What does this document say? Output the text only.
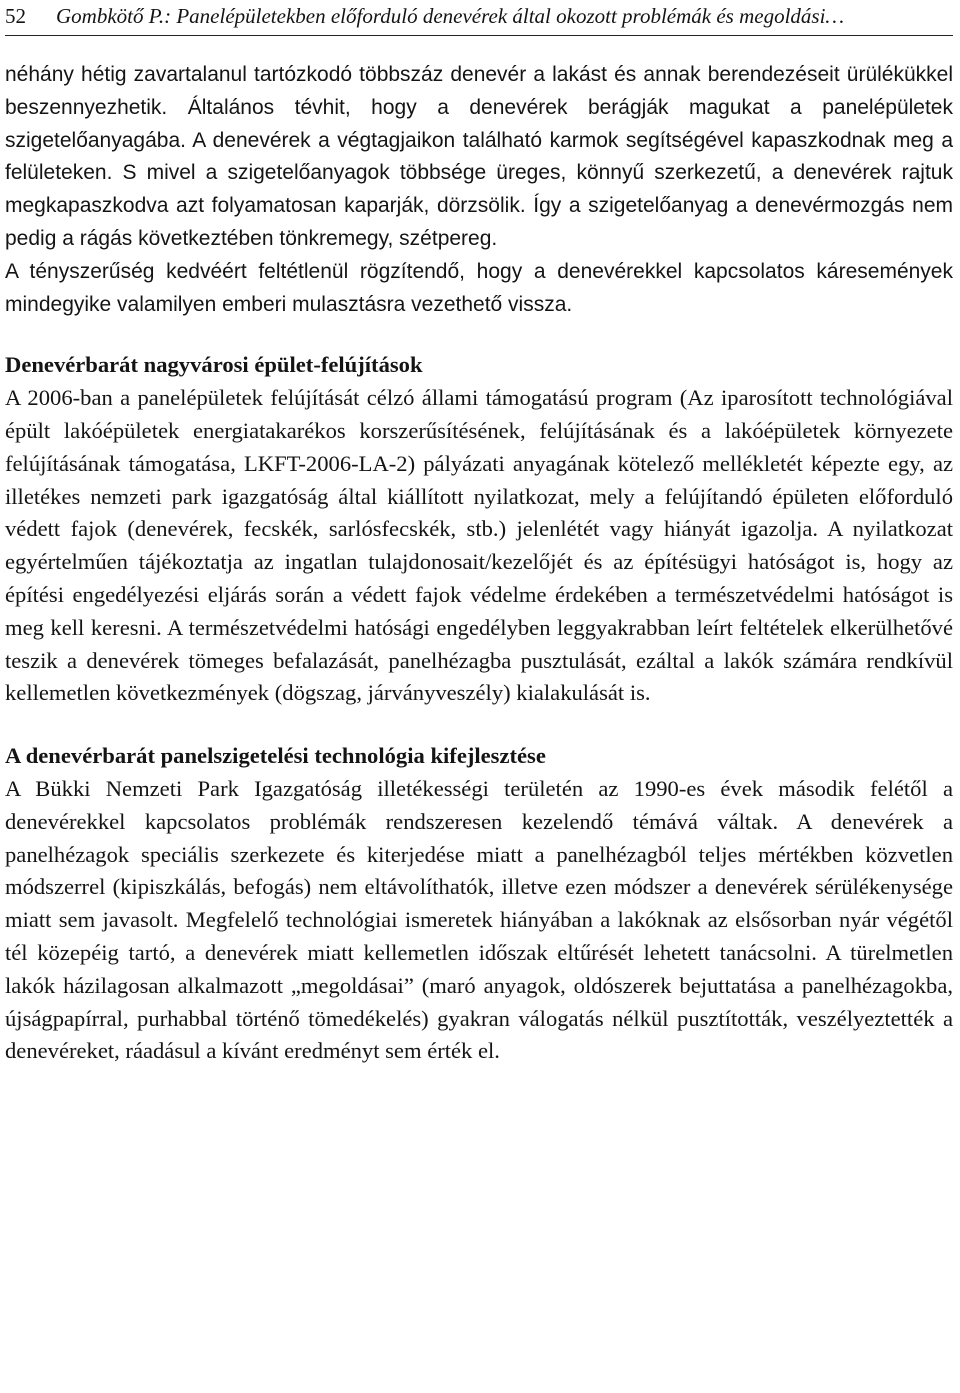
52 Gombkötő P.: Panelépületekben előforduló denevérek által okozott problémák és megoldási…

néhány hétig zavartalanul tartózkodó többszáz denevér a lakást és annak berendezéseit ürülékükkel beszennyezhetik. Általános tévhit, hogy a denevérek berágják magukat a panelépületek szigetelőanyagába. A denevérek a végtagjaikon található karmok segítségével kapaszkodnak meg a felületeken. S mivel a szigetelőanyagok többsége üreges, könnyű szerkezetű, a denevérek rajtuk megkapaszkodva azt folyamatosan kaparják, dörzsölik. Így a szigetelőanyag a denevérmozgás nem pedig a rágás következtében tönkremegy, szétpereg.

A tényszerűség kedvéért feltétlenül rögzítendő, hogy a denevérekkel kapcsolatos káresemények mindegyike valamilyen emberi mulasztásra vezethető vissza.

Denevérbarát nagyvárosi épület-felújítások

A 2006-ban a panelépületek felújítását célzó állami támogatású program (Az iparosított technológiával épült lakóépületek energiatakarékos korszerűsítésének, felújításának és a lakóépületek környezete felújításának támogatása, LKFT-2006-LA-2) pályázati anyagának kötelező mellékletét képezte egy, az illetékes nemzeti park igazgatóság által kiállított nyilatkozat, mely a felújítandó épületen előforduló védett fajok (denevérek, fecskék, sarlósfecskék, stb.) jelenlétét vagy hiányát igazolja. A nyilatkozat egyértelműen tájékoztatja az ingatlan tulajdonosait/kezelőjét és az építésügyi hatóságot is, hogy az építési engedélyezési eljárás során a védett fajok védelme érdekében a természetvédelmi hatóságot is meg kell keresni. A természetvédelmi hatósági engedélyben leggyakrabban leírt feltételek elkerülhetővé teszik a denevérek tömeges befalazását, panelhézagba pusztulását, ezáltal a lakók számára rendkívül kellemetlen következmények (dögszag, járványveszély) kialakulását is.

A denevérbarát panelszigetelési technológia kifejlesztése

A Bükki Nemzeti Park Igazgatóság illetékességi területén az 1990-es évek második felétől a denevérekkel kapcsolatos problémák rendszeresen kezelendő témává váltak. A denevérek a panelhézagok speciális szerkezete és kiterjedése miatt a panelhézagból teljes mértékben közvetlen módszerrel (kipiszkálás, befogás) nem eltávolíthatók, illetve ezen módszer a denevérek sérülékenysége miatt sem javasolt. Megfelelő technológiai ismeretek hiányában a lakóknak az elsősorban nyár végétől tél közepéig tartó, a denevérek miatt kellemetlen időszak eltűrését lehetett tanácsolni. A türelmetlen lakók házilagosan alkalmazott „megoldásai” (maró anyagok, oldószerek bejuttatása a panelhézagokba, újságpapírral, purhabbal történő tömedékelés) gyakran válogatás nélkül pusztították, veszélyeztették a denevéreket, ráadásul a kívánt eredményt sem érték el.
